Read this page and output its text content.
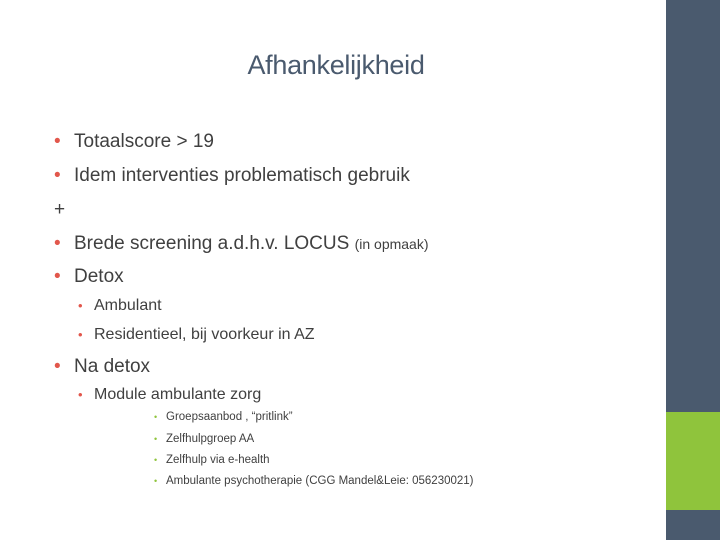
Afhankelijkheid
• Totaalscore > 19
• Idem interventies problematisch gebruik
+
• Brede screening a.d.h.v. LOCUS (in opmaak)
• Detox
• Ambulant
• Residentieel, bij voorkeur in AZ
• Na detox
• Module ambulante zorg
• Groepsaanbod , “pritlink”
• Zelfhulpgroep AA
• Zelfhulp via e-health
• Ambulante psychotherapie (CGG Mandel&Leie: 056230021)
